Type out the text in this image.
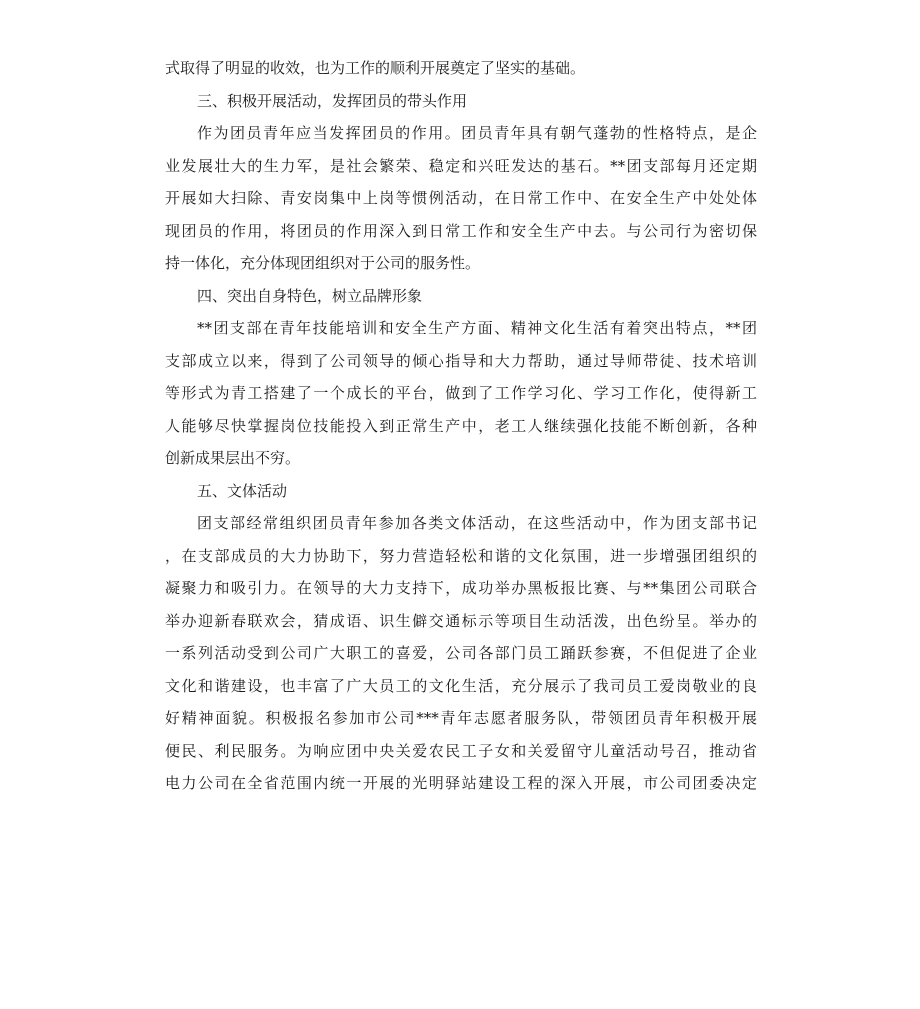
式取得了明显的收效，也为工作的顺利开展奠定了坚实的基础。
三、积极开展活动，发挥团员的带头作用
作为团员青年应当发挥团员的作用。团员青年具有朝气蓬勃的性格特点，是企
业发展壮大的生力军，是社会繁荣、稳定和兴旺发达的基石。**团支部每月还定期
开展如大扫除、青安岗集中上岗等惯例活动，在日常工作中、在安全生产中处处体
现团员的作用，将团员的作用深入到日常工作和安全生产中去。与公司行为密切保
持一体化，充分体现团组织对于公司的服务性。
四、突出自身特色，树立品牌形象
**团支部在青年技能培训和安全生产方面、精神文化生活有着突出特点，**团
支部成立以来，得到了公司领导的倾心指导和大力帮助，通过导师带徒、技术培训
等形式为青工搭建了一个成长的平台，做到了工作学习化、学习工作化，使得新工
人能够尽快掌握岗位技能投入到正常生产中，老工人继续强化技能不断创新，各种
创新成果层出不穷。
五、文体活动
团支部经常组织团员青年参加各类文体活动，在这些活动中，作为团支部书记
，在支部成员的大力协助下，努力营造轻松和谐的文化氛围，进一步增强团组织的
凝聚力和吸引力。在领导的大力支持下，成功举办黑板报比赛、与**集团公司联合
举办迎新春联欢会，猜成语、识生僻交通标示等项目生动活泼，出色纷呈。举办的
一系列活动受到公司广大职工的喜爱，公司各部门员工踊跃参赛，不但促进了企业
文化和谐建设，也丰富了广大员工的文化生活，充分展示了我司员工爱岗敬业的良
好精神面貌。积极报名参加市公司***青年志愿者服务队，带领团员青年积极开展
便民、利民服务。为响应团中央关爱农民工子女和关爱留守儿童活动号召，推动省
电力公司在全省范围内统一开展的光明驿站建设工程的深入开展，市公司团委决定
